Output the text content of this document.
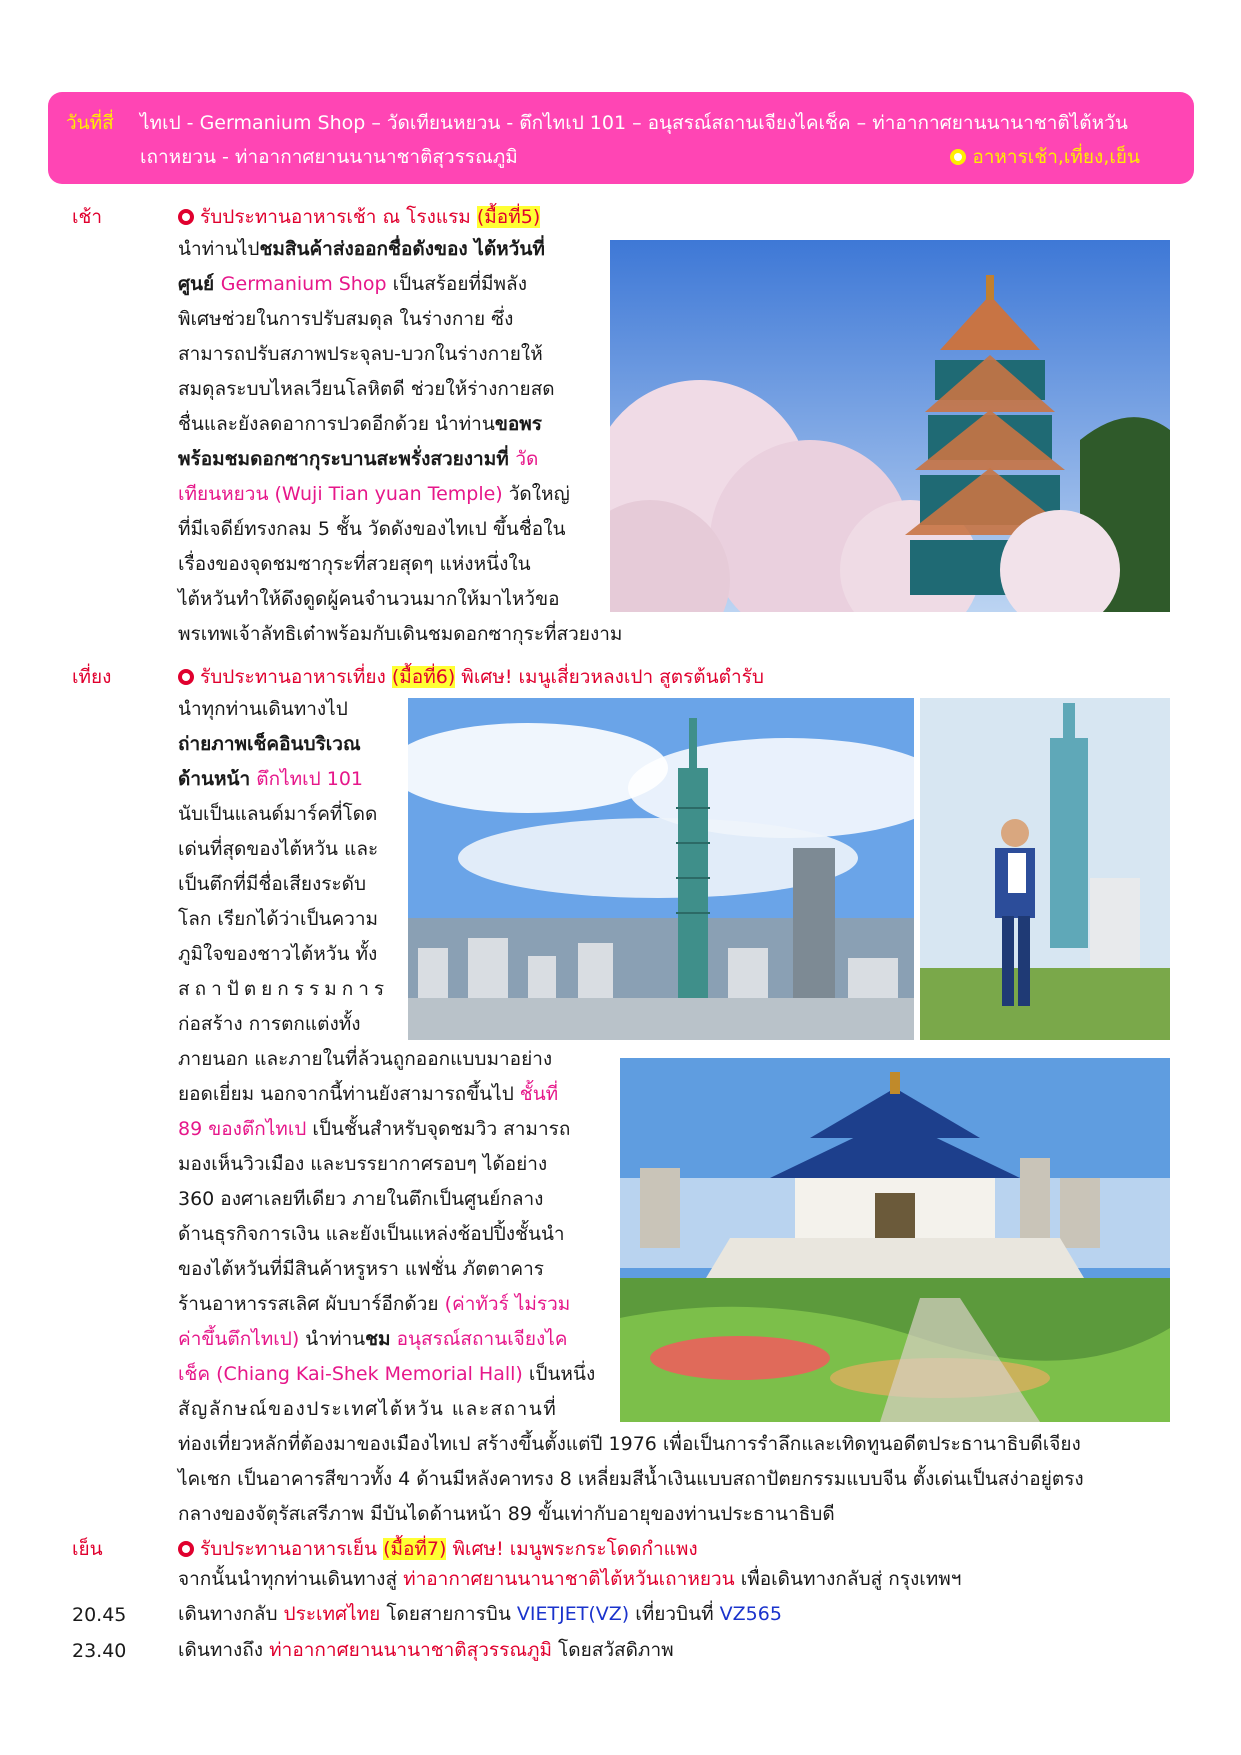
วันที่สี่ ไทเป - Germanium Shop – วัดเทียนหยวน - ตึกไทเป 101 – อนุสรณ์สถานเจียงไคเช็ค – ท่าอากาศยานนานาชาติไต้หวัน
เถาหยวน - ท่าอากาศยานนานาชาติสุวรรณภูมิ	อาหารเช้า,เที่ยง,เย็น
เช้า	รับประทานอาหารเช้า ณ โรงแรม (มื้อที่5)
นำท่านไปชมสินค้าส่งออกชื่อดังของ ไต้หวันที่
ศูนย์ Germanium Shop เป็นสร้อยที่มีพลัง
พิเศษช่วยในการปรับสมดุล ในร่างกาย ซึ่ง
สามารถปรับสภาพประจุลบ-บวกในร่างกายให้
สมดุลระบบไหลเวียนโลหิตดี ช่วยให้ร่างกายสด
ชื่นและยังลดอาการปวดอีกด้วย นำท่านขอพร
พร้อมชมดอกซากุระบานสะพรั่งสวยงามที่ วัด
เทียนหยวน (Wuji Tian yuan Temple) วัดใหญ่
ที่มีเจดีย์ทรงกลม 5 ชั้น วัดดังของไทเป ขึ้นชื่อใน
เรื่องของจุดชมซากุระที่สวยสุดๆ แห่งหนึ่งใน
ไต้หวันทำให้ดึงดูดผู้คนจำนวนมากให้มาไหว้ขอ
พรเทพเจ้าลัทธิเต๋าพร้อมกับเดินชมดอกซากุระที่สวยงาม
เที่ยง	รับประทานอาหารเที่ยง (มื้อที่6) พิเศษ! เมนูเสี่ยวหลงเปา สูตรต้นตำรับ
นำทุกท่านเดินทางไป
ถ่ายภาพเช็คอินบริเวณ
ด้านหน้า ตึกไทเป 101
นับเป็นแลนด์มาร์คที่โดด
เด่นที่สุดของไต้หวัน และ
เป็นตึกที่มีชื่อเสียงระดับ
โลก เรียกได้ว่าเป็นความ
ภูมิใจของชาวไต้หวัน ทั้ง
สถาปัตยกรรมการ
ก่อสร้าง การตกแต่งทั้ง
ภายนอก และภายในที่ล้วนถูกออกแบบมาอย่าง
ยอดเยี่ยม นอกจากนี้ท่านยังสามารถขึ้นไป ชั้นที่
89 ของตึกไทเป เป็นชั้นสำหรับจุดชมวิว สามารถ
มองเห็นวิวเมือง และบรรยากาศรอบๆ ได้อย่าง
360 องศาเลยทีเดียว ภายในตึกเป็นศูนย์กลาง
ด้านธุรกิจการเงิน และยังเป็นแหล่งช้อปปิ้งชั้นนำ
ของไต้หวันที่มีสินค้าหรูหรา แฟชั่น ภัตตาคาร
ร้านอาหารรสเลิศ ผับบาร์อีกด้วย (ค่าทัวร์ ไม่รวม
ค่าขึ้นตึกไทเป) นำท่านชม อนุสรณ์สถานเจียงไค
เช็ค (Chiang Kai-Shek Memorial Hall) เป็นหนึ่ง
สัญลักษณ์ของประเทศไต้หวัน และสถานที่
ท่องเที่ยวหลักที่ต้องมาของเมืองไทเป สร้างขึ้นตั้งแต่ปี 1976 เพื่อเป็นการรำลึกและเทิดทูนอดีตประธานาธิบดีเจียง
ไคเชก เป็นอาคารสีขาวทั้ง 4 ด้านมีหลังคาทรง 8 เหลี่ยมสีน้ำเงินแบบสถาปัตยกรรมแบบจีน ตั้งเด่นเป็นสง่าอยู่ตรง
กลางของจัตุรัสเสรีภาพ มีบันไดด้านหน้า 89 ขั้นเท่ากับอายุของท่านประธานาธิบดี
เย็น	รับประทานอาหารเย็น (มื้อที่7) พิเศษ! เมนูพระกระโดดกำแพง
จากนั้นนำทุกท่านเดินทางสู่ ท่าอากาศยานนานาชาติไต้หวันเถาหยวน เพื่อเดินทางกลับสู่ กรุงเทพฯ
20.45	เดินทางกลับ ประเทศไทย โดยสายการบิน VIETJET(VZ) เที่ยวบินที่ VZ565
23.40	เดินทางถึง ท่าอากาศยานนานาชาติสุวรรณภูมิ โดยสวัสดิภาพ
